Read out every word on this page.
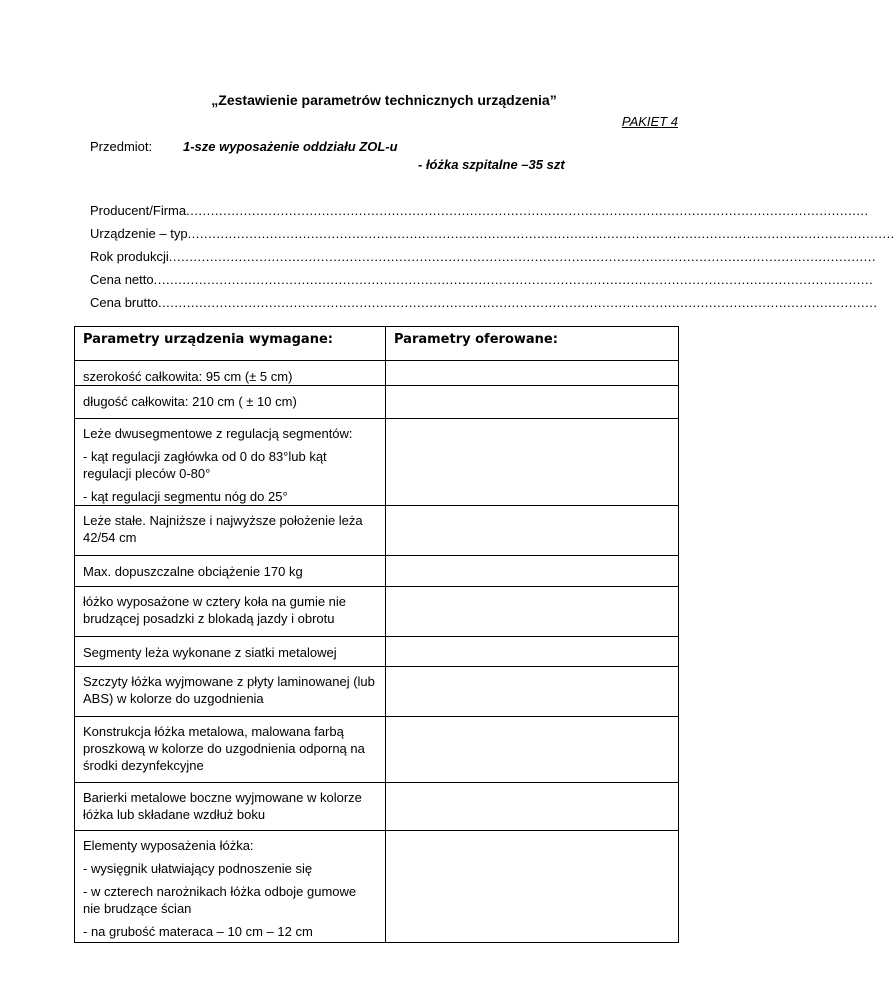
„Zestawienie parametrów technicznych urządzenia”
PAKIET 4
Przedmiot: 1-sze wyposażenie oddziału ZOL-u
- łóżka szpitalne –35 szt
Producent/Firma......................................................................................................................................................................
Urządzenie – typ............................................................................................................................................................................
Rok produkcji............................................................................................................................................................................
Cena netto...............................................................................................................................................................................
Cena brutto...............................................................................................................................................................................
Parametry urządzenia wymagane:	Parametry oferowane:

szerokość całkowita: 95 cm (± 5 cm)	

długość całkowita: 210 cm ( ± 10 cm)	

Leże dwusegmentowe z regulacją segmentów:
- kąt regulacji zagłówka od 0 do 83°lub kąt regulacji pleców 0-80°
- kąt regulacji segmentu nóg do 25°	

Leże stałe. Najniższe i najwyższe położenie leża 42/54 cm	

Max. dopuszczalne obciążenie 170 kg	

łóżko wyposażone w cztery koła na gumie nie brudzącej posadzki z blokadą jazdy i obrotu	

Segmenty leża wykonane z siatki metalowej	

Szczyty łóżka wyjmowane z płyty laminowanej (lub ABS) w kolorze do uzgodnienia	

Konstrukcja łóżka metalowa, malowana farbą proszkową w kolorze do uzgodnienia odporną na środki dezynfekcyjne	

Barierki metalowe boczne wyjmowane w kolorze łóżka lub składane wzdłuż boku	

Elementy wyposażenia łóżka:
- wysięgnik ułatwiający podnoszenie się
- w czterech narożnikach łóżka odboje gumowe nie brudzące ścian
- na grubość materaca – 10 cm – 12 cm	
